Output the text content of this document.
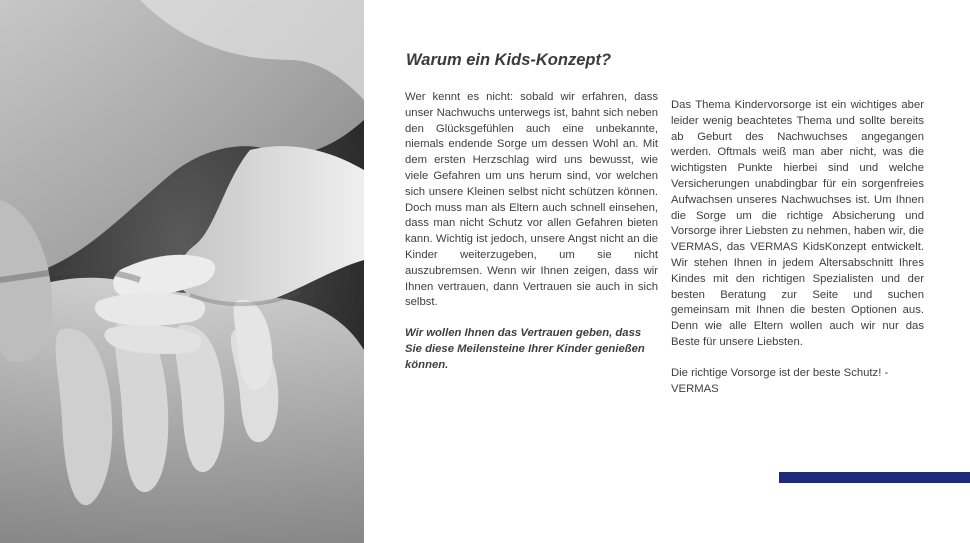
Warum ein Kids-Konzept?

Wer kennt es nicht: sobald wir erfahren, dass unser Nachwuchs unterwegs ist, bahnt sich neben den Glücksgefühlen auch eine unbekannte, niemals endende Sorge um dessen Wohl an. Mit dem ersten Herzschlag wird uns bewusst, wie viele Gefahren um uns herum sind, vor welchen sich unsere Kleinen selbst nicht schützen können. Doch muss man als Eltern auch schnell einsehen, dass man nicht Schutz vor allen Gefahren bieten kann. Wichtig ist jedoch, unsere Angst nicht an die Kinder weiterzugeben, um sie nicht auszubremsen. Wenn wir Ihnen zeigen, dass wir Ihnen vertrauen, dann Vertrauen sie auch in sich selbst.

Wir wollen Ihnen das Vertrauen geben, dass Sie diese Meilensteine Ihrer Kinder genießen können.

Das Thema Kindervorsorge ist ein wichtiges aber leider wenig beachtetes Thema und sollte bereits ab Geburt des Nachwuchses angegangen werden. Oftmals weiß man aber nicht, was die wichtigsten Punkte hierbei sind und welche Versicherungen unabdingbar für ein sorgenfreies Aufwachsen unseres Nachwuchses ist. Um Ihnen die Sorge um die richtige Absicherung und Vorsorge ihrer Liebsten zu nehmen, haben wir, die VERMAS, das VERMAS KidsKonzept entwickelt. Wir stehen Ihnen in jedem Altersabschnitt Ihres Kindes mit den richtigen Spezialisten und der besten Beratung zur Seite und suchen gemeinsam mit Ihnen die besten Optionen aus. Denn wie alle Eltern wollen auch wir nur das Beste für unsere Liebsten.

Die richtige Vorsorge ist der beste Schutz! - VERMAS
